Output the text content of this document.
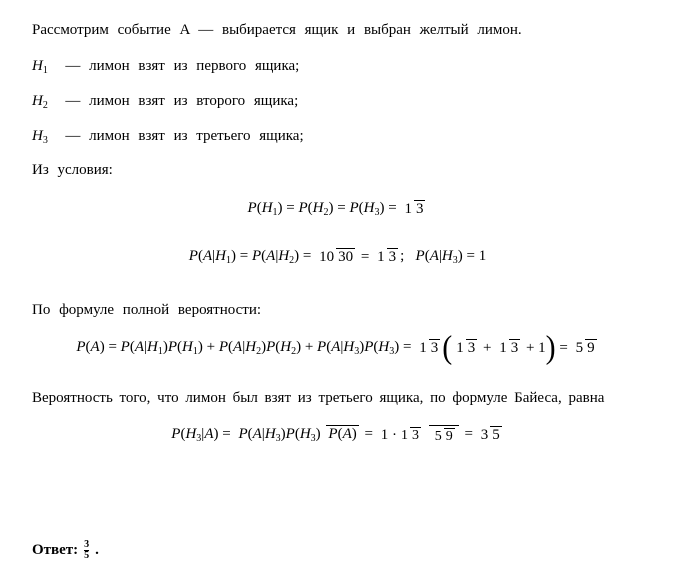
Рассмотрим событие A — выбирается ящик и выбран желтый лимон.
$H_1$ — лимон взят из первого ящика;
$H_2$ — лимон взят из второго ящика;
$H_3$ — лимон взят из третьего ящика;
Из условия:
$P(H_1) = P(H_2) = P(H_3) = 1$ 3
$P(A|H_1) = P(A|H_2) = 10$ 30 = 1 3 ;   $P(A|H_3) = 1$
По формуле полной вероятности:
$P(A) = P(A|H_1)P(H_1) + P(A|H_2)P(H_2) + P(A|H_3)P(H_3) = 1$ 3 ( 1 3 + 1 3 + 1 ) = 5 9
Вероятность того, что лимон был взят из третьего ящика, по формуле Байеса, равна
$P(H_3|A) = P(A|H_3)P(H_3) P(A) = 1 \cdot 1$ 3 5 9 = 3 5
Ответ: $\frac{3}{5}$ .
